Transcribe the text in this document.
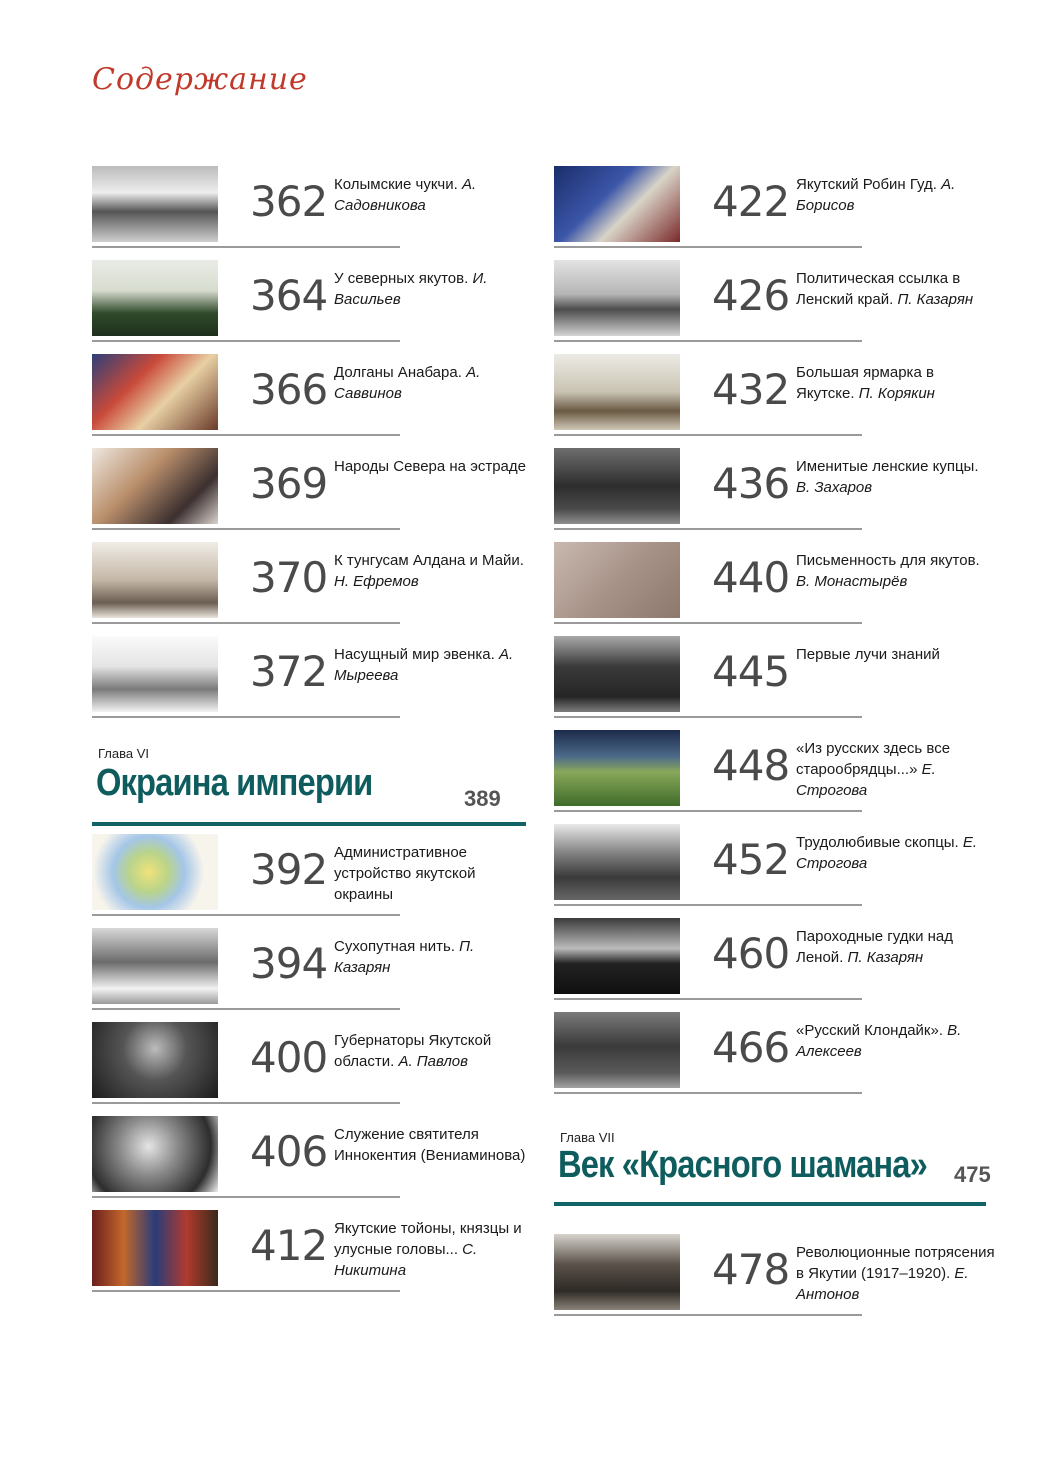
Содержание
362 Колымские чукчи. А. Садовникова
364 У северных якутов. И. Васильев
366 Долганы Анабара. А. Саввинов
369 Народы Севера на эстраде
370 К тунгусам Алдана и Майи. Н. Ефремов
372 Насущный мир эвенка. А. Мыреева
Глава VI
Окраина империи	389
392 Административное устройство якутской окраины
394 Сухопутная нить. П. Казарян
400 Губернаторы Якутской области. А. Павлов
406 Служение святителя Иннокентия (Вениаминова)
412 Якутские тойоны, князцы и улусные головы... С. Никитина
422 Якутский Робин Гуд. А. Борисов
426 Политическая ссылка в Ленский край. П. Казарян
432 Большая ярмарка в Якутске. П. Корякин
436 Именитые ленские купцы. В. Захаров
440 Письменность для якутов. В. Монастырёв
445 Первые лучи знаний
448 «Из русских здесь все старообрядцы...» Е. Строгова
452 Трудолюбивые скопцы. Е. Строгова
460 Пароходные гудки над Леной. П. Казарян
466 «Русский Клондайк». В. Алексеев
Глава VII
Век «Красного шамана» 475
478 Революционные потрясения в Якутии (1917–1920). Е. Антонов
